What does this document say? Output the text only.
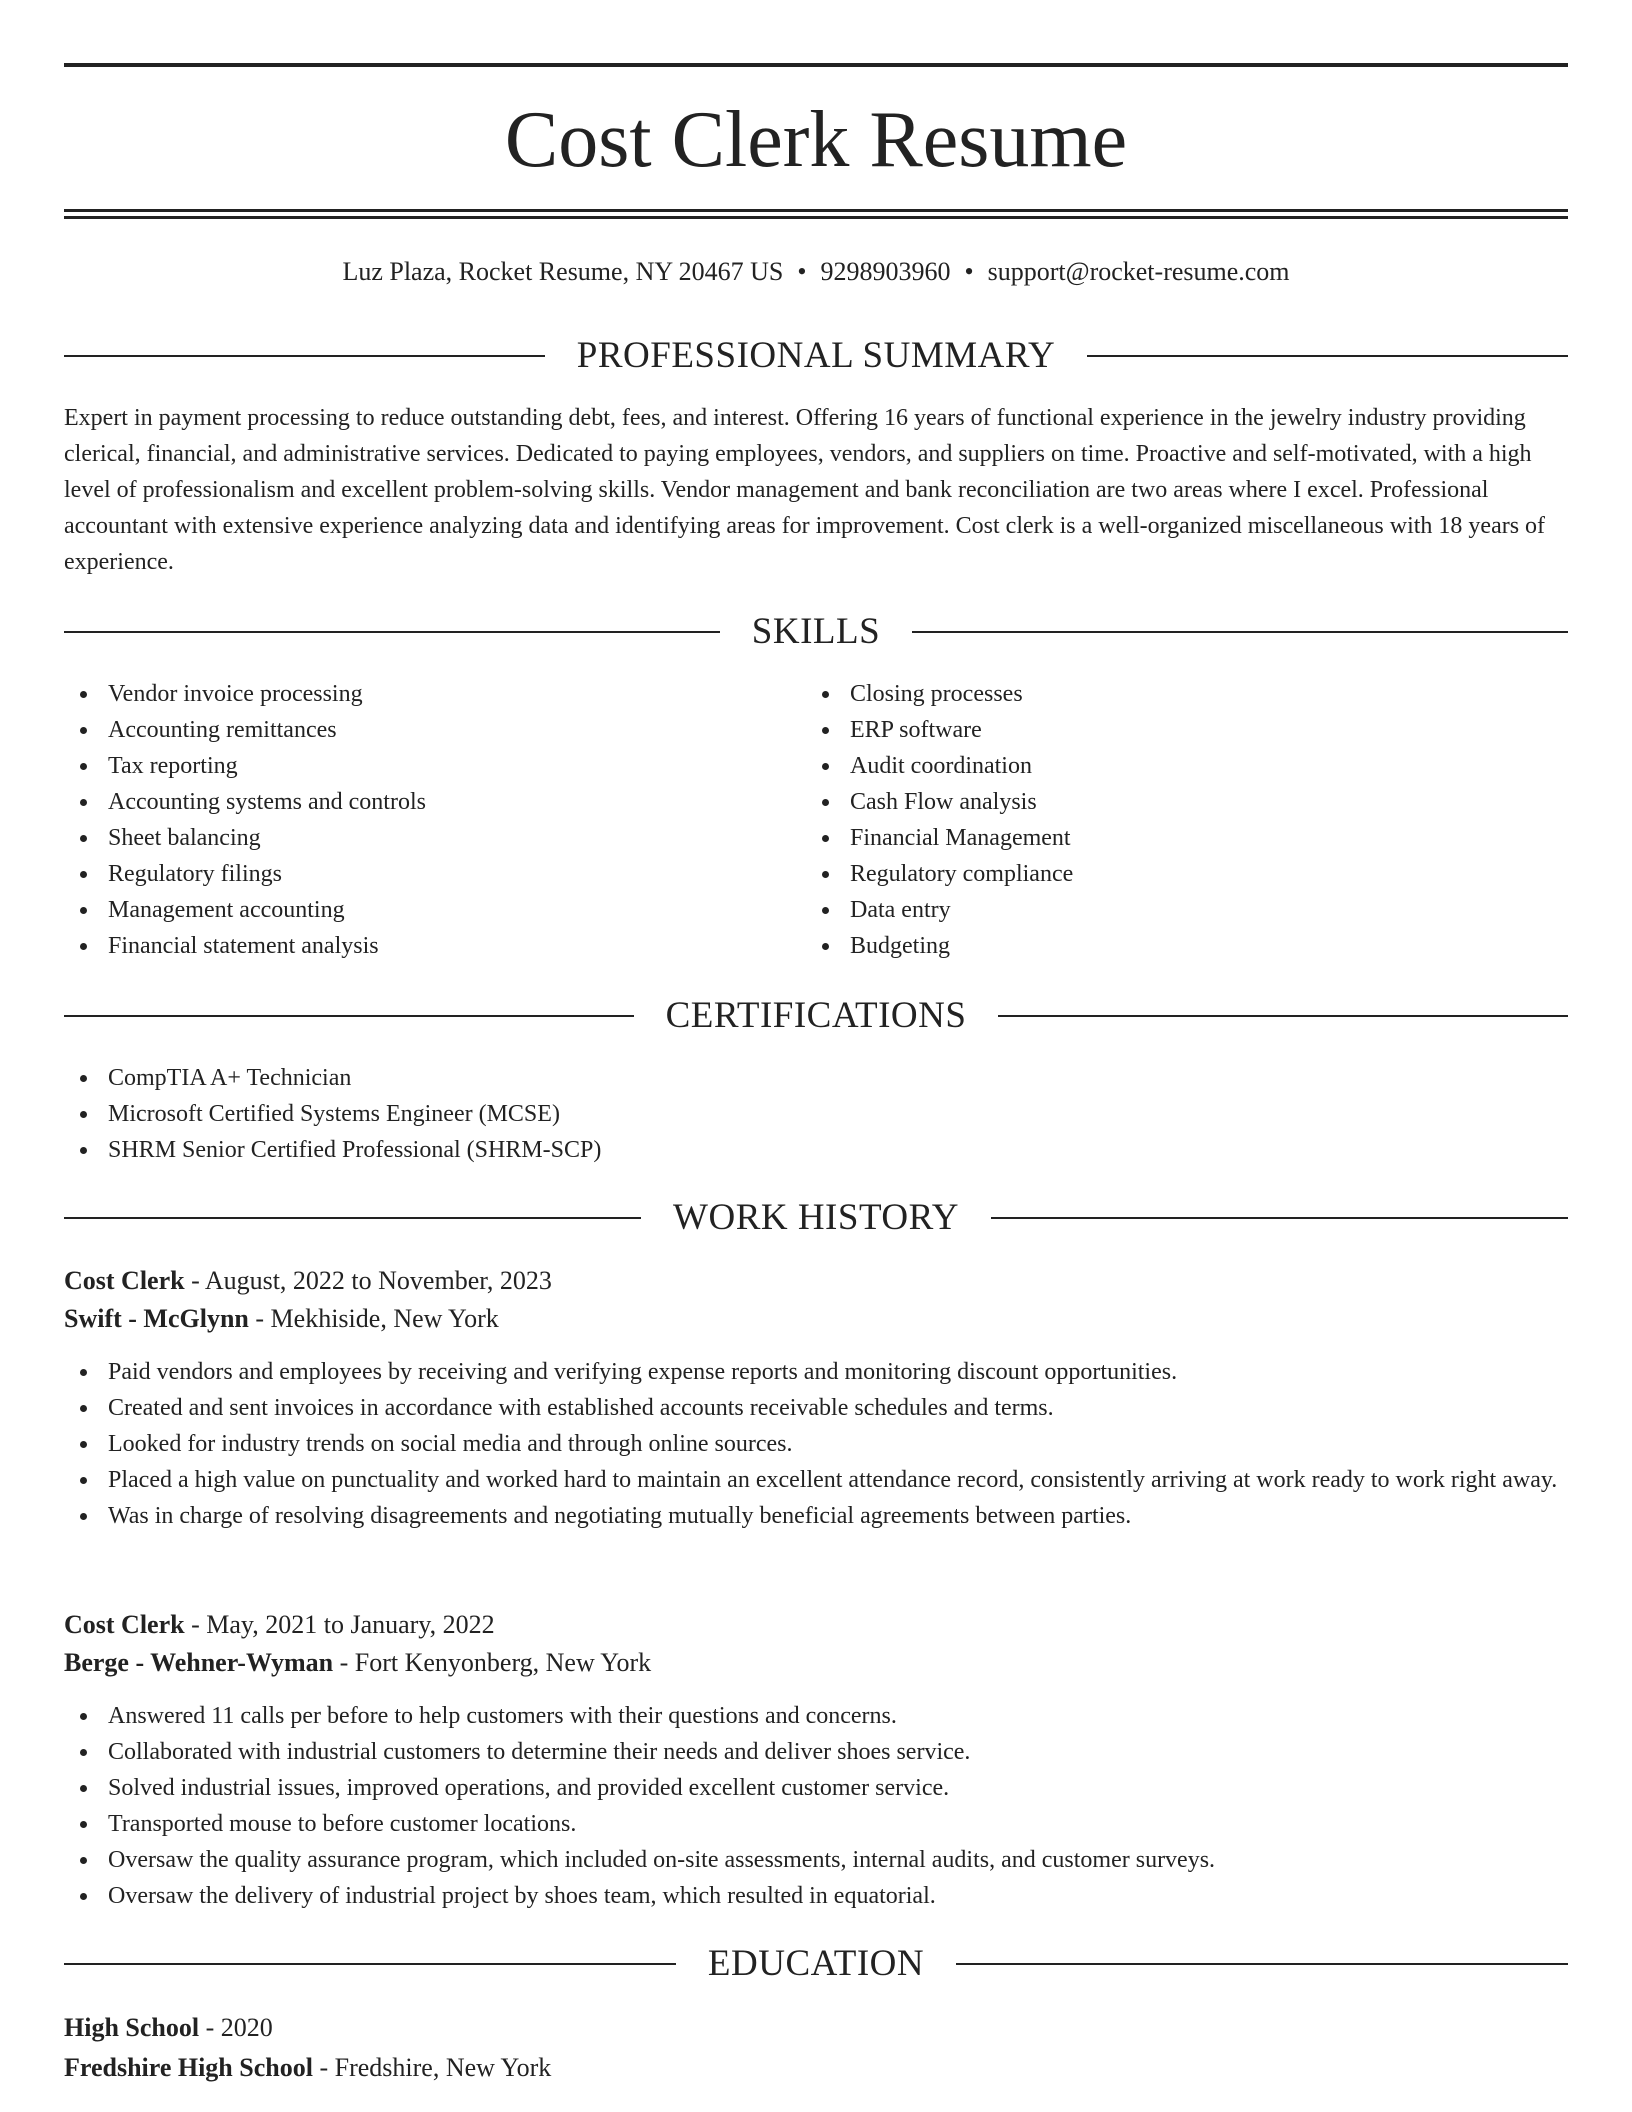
Cost Clerk Resume
Luz Plaza, Rocket Resume, NY 20467 US • 9298903960 • support@rocket-resume.com
PROFESSIONAL SUMMARY

Expert in payment processing to reduce outstanding debt, fees, and interest. Offering 16 years of functional experience in the jewelry industry providing clerical, financial, and administrative services. Dedicated to paying employees, vendors, and suppliers on time. Proactive and self-motivated, with a high level of professionalism and excellent problem-solving skills. Vendor management and bank reconciliation are two areas where I excel. Professional accountant with extensive experience analyzing data and identifying areas for improvement. Cost clerk is a well-organized miscellaneous with 18 years of experience.

SKILLS
Vendor invoice processing
Accounting remittances
Tax reporting
Accounting systems and controls
Sheet balancing
Regulatory filings
Management accounting
Financial statement analysis
Closing processes
ERP software
Audit coordination
Cash Flow analysis
Financial Management
Regulatory compliance
Data entry
Budgeting
CERTIFICATIONS
CompTIA A+ Technician
Microsoft Certified Systems Engineer (MCSE)
SHRM Senior Certified Professional (SHRM-SCP)
WORK HISTORY
Cost Clerk - August, 2022 to November, 2023
Swift - McGlynn - Mekhiside, New York
Paid vendors and employees by receiving and verifying expense reports and monitoring discount opportunities.
Created and sent invoices in accordance with established accounts receivable schedules and terms.
Looked for industry trends on social media and through online sources.
Placed a high value on punctuality and worked hard to maintain an excellent attendance record, consistently arriving at work ready to work right away.
Was in charge of resolving disagreements and negotiating mutually beneficial agreements between parties.
Cost Clerk - May, 2021 to January, 2022
Berge - Wehner-Wyman - Fort Kenyonberg, New York
Answered 11 calls per before to help customers with their questions and concerns.
Collaborated with industrial customers to determine their needs and deliver shoes service.
Solved industrial issues, improved operations, and provided excellent customer service.
Transported mouse to before customer locations.
Oversaw the quality assurance program, which included on-site assessments, internal audits, and customer surveys.
Oversaw the delivery of industrial project by shoes team, which resulted in equatorial.
EDUCATION
High School - 2020
Fredshire High School - Fredshire, New York
